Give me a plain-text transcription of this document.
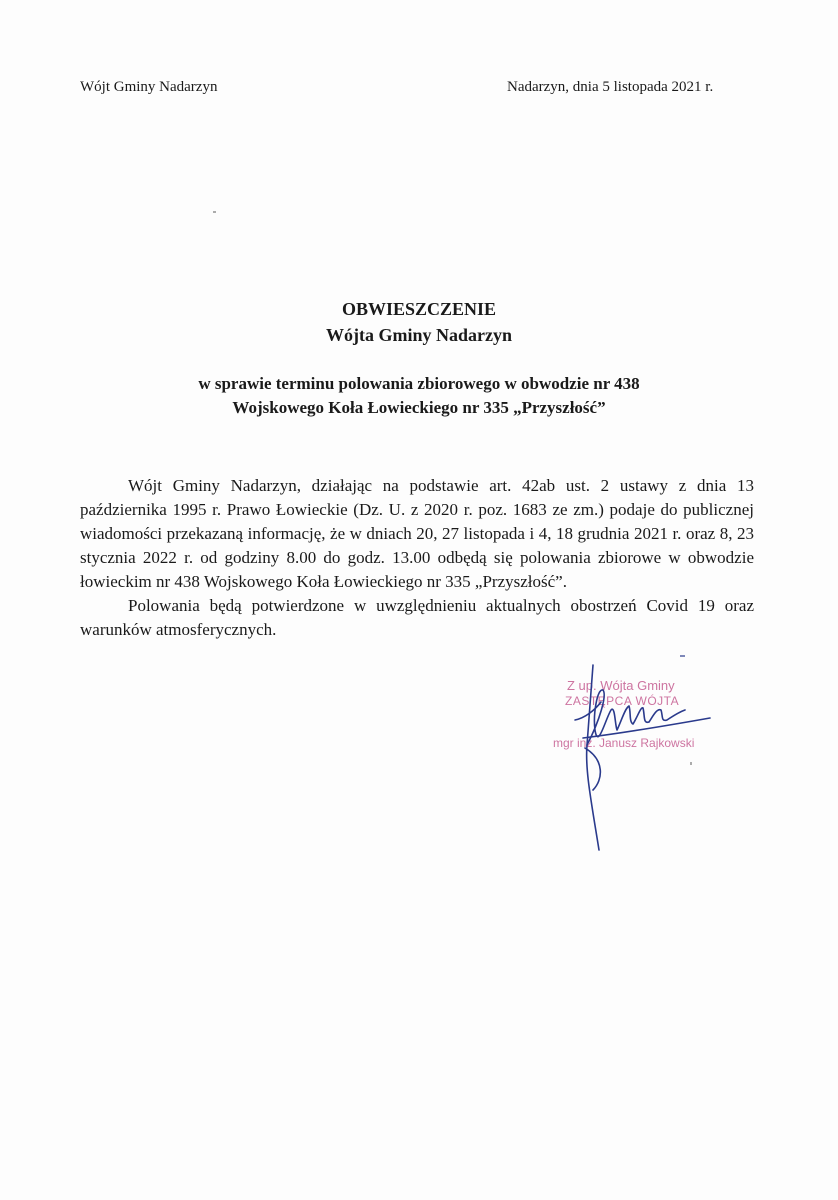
Wójt Gminy Nadarzyn	Nadarzyn, dnia 5 listopada 2021 r.
OBWIESZCZENIE
Wójta Gminy Nadarzyn
w sprawie terminu polowania zbiorowego w obwodzie nr 438
Wojskowego Koła Łowieckiego nr 335 „Przyszłość”

Wójt Gminy Nadarzyn, działając na podstawie art. 42ab ust. 2 ustawy z dnia 13 października 1995 r. Prawo Łowieckie (Dz. U. z 2020 r. poz. 1683 ze zm.) podaje do publicznej wiadomości przekazaną informację, że w dniach 20, 27 listopada i 4, 18 grudnia 2021 r. oraz 8, 23 stycznia 2022 r. od godziny 8.00 do godz. 13.00 odbędą się polowania zbiorowe w obwodzie łowieckim nr 438 Wojskowego Koła Łowieckiego nr 335 „Przyszłość”.

Polowania będą potwierdzone w uwzględnieniu aktualnych obostrzeń Covid 19 oraz warunków atmosferycznych.

Z up. Wójta Gminy
ZASTĘPCA WÓJTA
mgr inż. Janusz Rajkowski
